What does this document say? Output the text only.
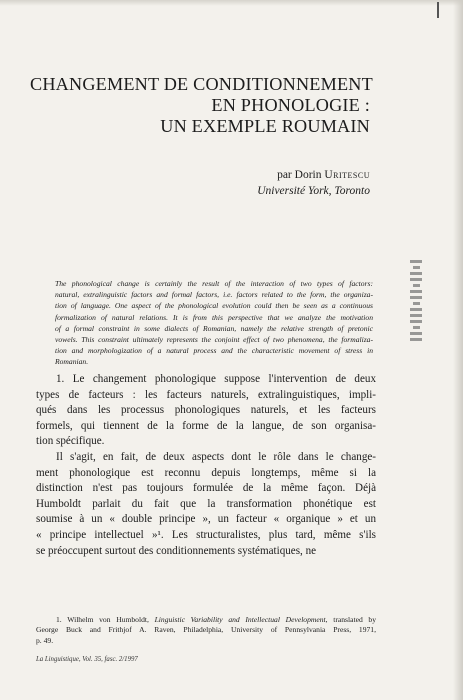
CHANGEMENT DE CONDITIONNEMENT
EN PHONOLOGIE :
UN EXEMPLE ROUMAIN
par Dorin Uritescu
Université York, Toronto
The phonological change is certainly the result of the interaction of two types of factors:
natural, extralinguistic factors and formal factors, i.e. factors related to the form, the organiza-
tion of language. One aspect of the phonological evolution could then be seen as a continuous
formalization of natural relations. It is from this perspective that we analyze the motivation
of a formal constraint in some dialects of Romanian, namely the relative strength of pretonic
vowels. This constraint ultimately represents the conjoint effect of two phenomena, the formaliza-
tion and morphologization of a natural process and the characteristic movement of stress in
Romanian.
1. Le changement phonologique suppose l'intervention de deux
types de facteurs : les facteurs naturels, extralinguistiques, impli-
qués dans les processus phonologiques naturels, et les facteurs
formels, qui tiennent de la forme de la langue, de son organisa-
tion spécifique.
Il s'agit, en fait, de deux aspects dont le rôle dans le change-
ment phonologique est reconnu depuis longtemps, même si la
distinction n'est pas toujours formulée de la même façon. Déjà
Humboldt parlait du fait que la transformation phonétique est
soumise à un « double principe », un facteur « organique » et un
« principe intellectuel »¹. Les structuralistes, plus tard, même s'ils
se préoccupent surtout des conditionnements systématiques, ne
1. Wilhelm von Humboldt, Linguistic Variability and Intellectual Development, translated by
George Buck and Frithjof A. Raven, Philadelphia, University of Pennsylvania Press, 1971,
p. 49.
La Linguistique, Vol. 35, fasc. 2/1997
